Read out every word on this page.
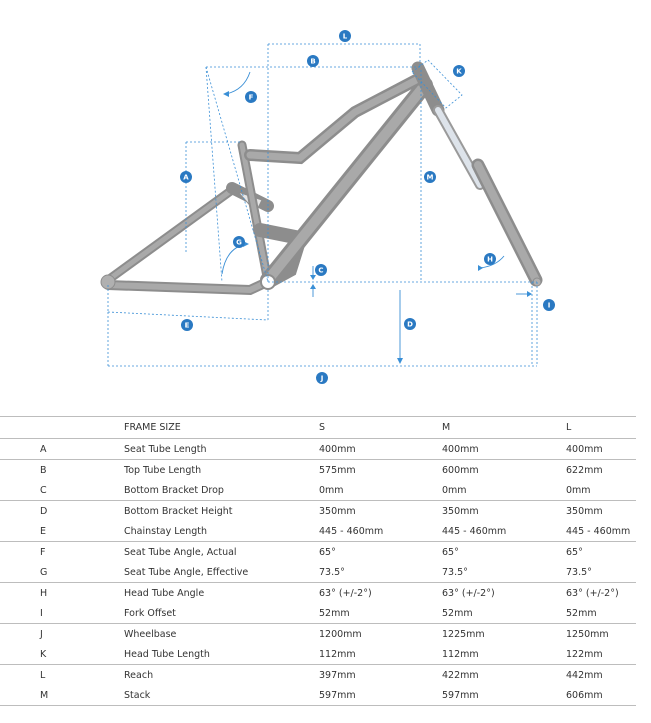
L
B
K
F
A	M
G
H
C
I
E	D
J
	FRAME SIZE	S	M	L
A	Seat Tube Length	400mm	400mm	400mm
B	Top Tube Length	575mm	600mm	622mm
C	Bottom Bracket Drop	0mm	0mm	0mm
D	Bottom Bracket Height	350mm	350mm	350mm
E	Chainstay Length	445 - 460mm	445 - 460mm	445 - 460mm
F	Seat Tube Angle, Actual	65°	65°	65°
G	Seat Tube Angle, Effective	73.5°	73.5°	73.5°
H	Head Tube Angle	63° (+/-2°)	63° (+/-2°)	63° (+/-2°)
I	Fork Offset	52mm	52mm	52mm
J	Wheelbase	1200mm	1225mm	1250mm
K	Head Tube Length	112mm	112mm	122mm
L	Reach	397mm	422mm	442mm
M	Stack	597mm	597mm	606mm
